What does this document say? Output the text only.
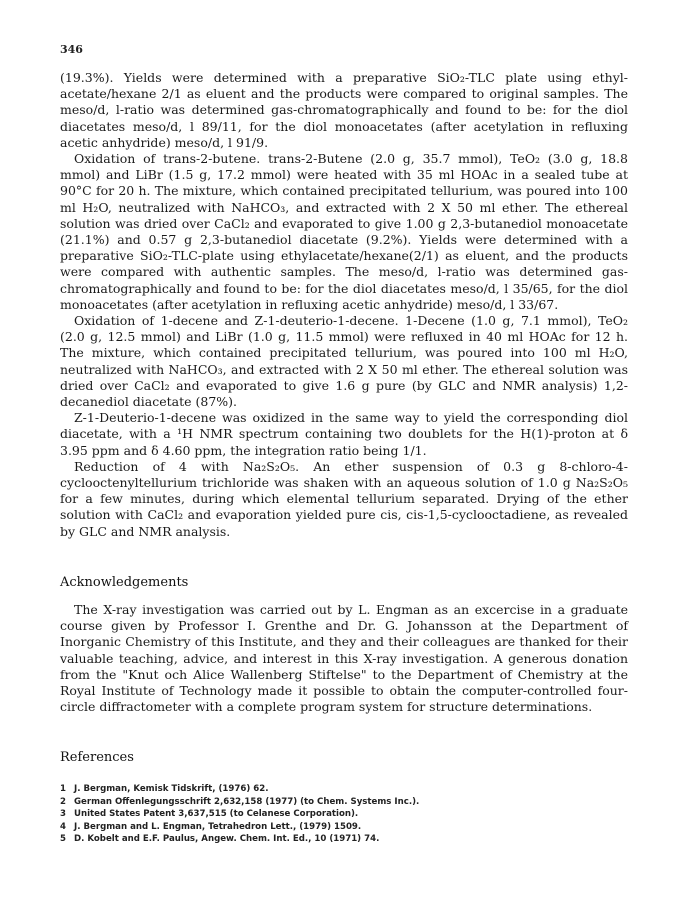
346

(19.3%). Yields were determined with a preparative SiO₂-TLC plate using ethyl-acetate/hexane 2/1 as eluent and the products were compared to original samples. The meso/d, l-ratio was determined gas-chromatographically and found to be: for the diol diacetates meso/d, l 89/11, for the diol monoacetates (after acetylation in refluxing acetic anhydride) meso/d, l 91/9.

Oxidation of trans-2-butene. trans-2-Butene (2.0 g, 35.7 mmol), TeO₂ (3.0 g, 18.8 mmol) and LiBr (1.5 g, 17.2 mmol) were heated with 35 ml HOAc in a sealed tube at 90°C for 20 h. The mixture, which contained precipitated tellurium, was poured into 100 ml H₂O, neutralized with NaHCO₃, and extracted with 2 X 50 ml ether. The ethereal solution was dried over CaCl₂ and evaporated to give 1.00 g 2,3-butanediol monoacetate (21.1%) and 0.57 g 2,3-butanediol diacetate (9.2%). Yields were determined with a preparative SiO₂-TLC-plate using ethylacetate/hexane(2/1) as eluent, and the products were compared with authentic samples. The meso/d, l-ratio was determined gas-chromatographically and found to be: for the diol diacetates meso/d, l 35/65, for the diol monoacetates (after acetylation in refluxing acetic anhydride) meso/d, l 33/67.

Oxidation of 1-decene and Z-1-deuterio-1-decene. 1-Decene (1.0 g, 7.1 mmol), TeO₂ (2.0 g, 12.5 mmol) and LiBr (1.0 g, 11.5 mmol) were refluxed in 40 ml HOAc for 12 h. The mixture, which contained precipitated tellurium, was poured into 100 ml H₂O, neutralized with NaHCO₃, and extracted with 2 X 50 ml ether. The ethereal solution was dried over CaCl₂ and evaporated to give 1.6 g pure (by GLC and NMR analysis) 1,2-decanediol diacetate (87%).

Z-1-Deuterio-1-decene was oxidized in the same way to yield the corresponding diol diacetate, with a ¹H NMR spectrum containing two doublets for the H(1)-proton at δ 3.95 ppm and δ 4.60 ppm, the integration ratio being 1/1.

Reduction of 4 with Na₂S₂O₅. An ether suspension of 0.3 g 8-chloro-4-cyclooctenyltellurium trichloride was shaken with an aqueous solution of 1.0 g Na₂S₂O₅ for a few minutes, during which elemental tellurium separated. Drying of the ether solution with CaCl₂ and evaporation yielded pure cis, cis-1,5-cyclooctadiene, as revealed by GLC and NMR analysis.

Acknowledgements

The X-ray investigation was carried out by L. Engman as an excercise in a graduate course given by Professor I. Grenthe and Dr. G. Johansson at the Department of Inorganic Chemistry of this Institute, and they and their colleagues are thanked for their valuable teaching, advice, and interest in this X-ray investigation. A generous donation from the "Knut och Alice Wallenberg Stiftelse" to the Department of Chemistry at the Royal Institute of Technology made it possible to obtain the computer-controlled four-circle diffractometer with a complete program system for structure determinations.

References
1 J. Bergman, Kemisk Tidskrift, (1976) 62.
2 German Offenlegungsschrift 2,632,158 (1977) (to Chem. Systems Inc.).
3 United States Patent 3,637,515 (to Celanese Corporation).
4 J. Bergman and L. Engman, Tetrahedron Lett., (1979) 1509.
5 D. Kobelt and E.F. Paulus, Angew. Chem. Int. Ed., 10 (1971) 74.
